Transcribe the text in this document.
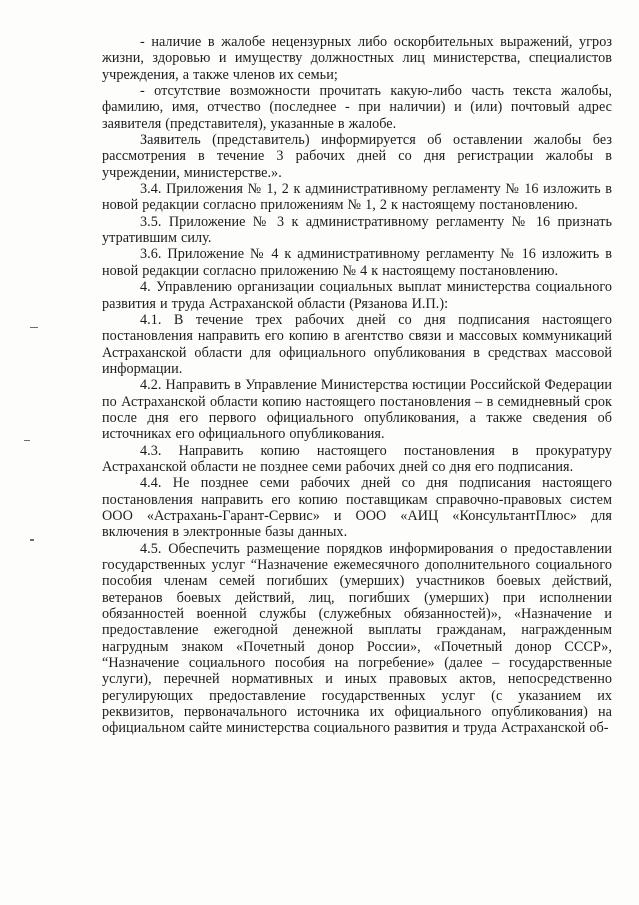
- наличие в жалобе нецензурных либо оскорбительных выражений, угроз жизни, здоровью и имуществу должностных лиц министерства, специалистов учреждения, а также членов их семьи;

- отсутствие возможности прочитать какую-либо часть текста жалобы, фамилию, имя, отчество (последнее - при наличии) и (или) почтовый адрес заявителя (представителя), указанные в жалобе.

Заявитель (представитель) информируется об оставлении жалобы без рассмотрения в течение 3 рабочих дней со дня регистрации жалобы в учреждении, министерстве.».

3.4. Приложения № 1, 2 к административному регламенту № 16 изложить в новой редакции согласно приложениям № 1, 2 к настоящему постановлению.

3.5. Приложение № 3 к административному регламенту № 16 признать утратившим силу.

3.6. Приложение № 4 к административному регламенту № 16 изложить в новой редакции согласно приложению № 4 к настоящему постановлению.

4. Управлению организации социальных выплат министерства социального развития и труда Астраханской области (Рязанова И.П.):

4.1. В течение трех рабочих дней со дня подписания настоящего постановления направить его копию в агентство связи и массовых коммуникаций Астраханской области для официального опубликования в средствах массовой информации.

4.2. Направить в Управление Министерства юстиции Российской Федерации по Астраханской области копию настоящего постановления – в семидневный срок после дня его первого официального опубликования, а также сведения об источниках его официального опубликования.

4.3. Направить копию настоящего постановления в прокуратуру Астраханской области не позднее семи рабочих дней со дня его подписания.

4.4. Не позднее семи рабочих дней со дня подписания настоящего постановления направить его копию поставщикам справочно-правовых систем ООО «Астрахань-Гарант-Сервис» и ООО «АИЦ «КонсультантПлюс» для включения в электронные базы данных.

4.5. Обеспечить размещение порядков информирования о предоставлении государственных услуг “Назначение ежемесячного дополнительного социального пособия членам семей погибших (умерших) участников боевых действий, ветеранов боевых действий, лиц, погибших (умерших) при исполнении обязанностей военной службы (служебных обязанностей)», «Назначение и предоставление ежегодной денежной выплаты гражданам, награжденным нагрудным знаком «Почетный донор России», «Почетный донор СССР», “Назначение социального пособия на погребение» (далее – государственные услуги), перечней нормативных и иных правовых актов, непосредственно регулирующих предоставление государственных услуг (с указанием их реквизитов, первоначального источника их официального опубликования) на официальном сайте министерства социального развития и труда Астраханской об-
